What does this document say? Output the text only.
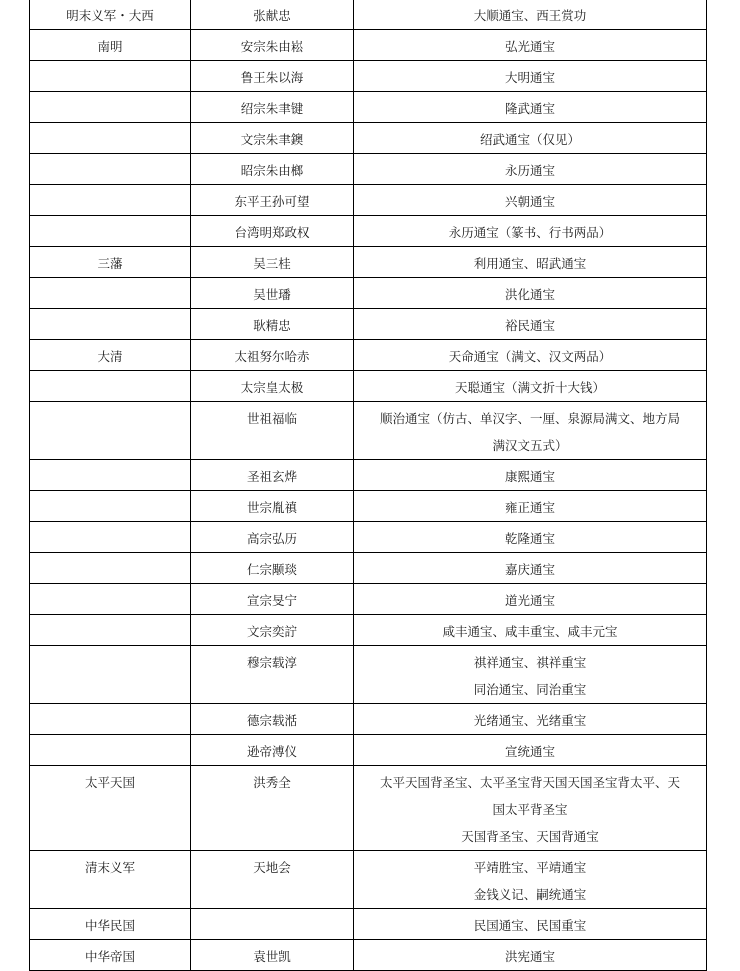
明末义军・大西	张献忠	大顺通宝、西王赏功

南明	安宗朱由崧	弘光通宝

	鲁王朱以海	大明通宝

	绍宗朱聿键	隆武通宝

	文宗朱聿鐭	绍武通宝（仅见）

	昭宗朱由榔	永历通宝

	东平王孙可望	兴朝通宝

	台湾明郑政权	永历通宝（篆书、行书两品）

三藩	吴三桂	利用通宝、昭武通宝

	吴世璠	洪化通宝

	耿精忠	裕民通宝

大清	太祖努尔哈赤	天命通宝（满文、汉文两品）

	太宗皇太极	天聪通宝（满文折十大钱）

	世祖福临	顺治通宝（仿古、单汉字、一厘、泉源局满文、地方局
满汉文五式）

	圣祖玄烨	康熙通宝

	世宗胤禛	雍正通宝

	高宗弘历	乾隆通宝

	仁宗颙琰	嘉庆通宝

	宣宗旻宁	道光通宝

	文宗奕詝	咸丰通宝、咸丰重宝、咸丰元宝

	穆宗载淳	祺祥通宝、祺祥重宝
同治通宝、同治重宝

	德宗载湉	光绪通宝、光绪重宝

	逊帝溥仪	宣统通宝

太平天国	洪秀全	太平天国背圣宝、太平圣宝背天国天国圣宝背太平、天
国太平背圣宝
天国背圣宝、天国背通宝

清末义军	天地会	平靖胜宝、平靖通宝
金钱义记、嗣统通宝

中华民国		民国通宝、民国重宝

中华帝国	袁世凯	洪宪通宝
